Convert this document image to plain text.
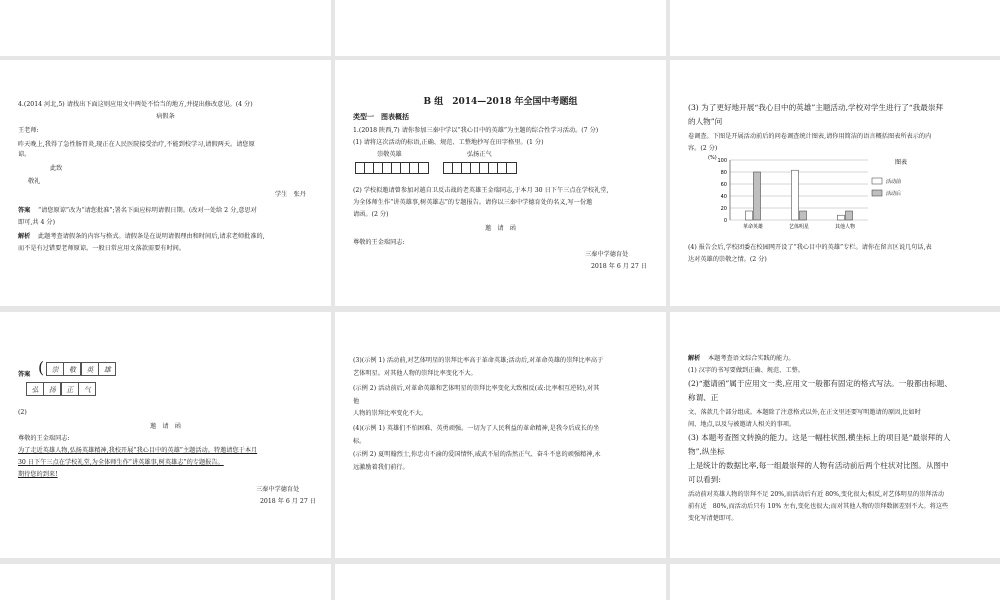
4.(2014 河北,5) 请找出下面这则应用文中两处不恰当的地方,并提出修改意见。(4 分)
病假条
王老师:
昨天晚上,我得了急性肠胃炎,现正在人民医院接受治疗,不能到校学习,请假两天。请您原
谅。
此致
敬礼
学生　张丹
答案 “请您原谅”改为“请您批准”;署名下面应标明请假日期。(改对一处给 2 分,意思对
即可,共 4 分)
解析 此题考查请假条的内容与格式。请假条是在说明请假理由和时间后,请求老师批准的,
而不是有过错要老师原谅。一般日常应用文落款需要有时间。
B 组　2014—2018 年全国中考题组
类型一　图表概括
1.(2018 陕西,7) 请你参加三秦中学以“我心目中的英雄”为主题的综合性学习活动。(7 分)
(1) 请将这次活动的标语,正确、规范、工整地抄写在田字格里。(1 分)
崇敬英雄	弘扬正气
(2) 学校拟邀请曾参加对越自卫反击战的老英雄王金瑞同志,于本月 30 日下午三点在学校礼堂,
为全体师生作“讲英雄事,树英雄志”的专题报告。请你以三秦中学德育处的名义,写一份邀
请函。(2 分)
邀　请　函
尊敬的王金瑞同志:
三秦中学德育处
2018 年 6 月 27 日
(3) 为了更好地开展“我心目中的英雄”主题活动,学校对学生进行了“我最崇拜
的人物”问
卷调查。下图是开展活动前后的问卷调查统计图表,请你用简洁的语言概括图表所表示的内
容。(2 分)
(%)
图表
0
20
40
60
80
100
革命英雄	艺体明星	其他人物
活动前
活动后
(4) 报告会后,学校团委在校园网开设了“我心目中的英雄”专栏。请你在留言区说几句话,表
达对英雄的崇敬之情。(2 分)
答案 (	崇	敬	英	雄
弘	扬	正	气
(2)
邀　请　函
尊敬的王金瑞同志:
为了走近英雄人物,弘扬英雄精神,我校开展“我心目中的英雄”主题活动。特邀请您于本月
30 日下午三点在学校礼堂,为全体师生作“讲英雄事,树英雄志”的专题报告。
期待您的到来!
三秦中学德育处
2018 年 6 月 27 日
(3)(示例 1) 活动前,对艺体明星的崇拜比率高于革命英雄;活动后,对革命英雄的崇拜比率高于
艺体明星。对其他人物的崇拜比率变化不大。
(示例 2) 活动前后,对革命英雄和艺体明星的崇拜比率变化大致相反(或:比率相互逆转),对其
他
人物的崇拜比率变化不大。
(4)(示例 1) 英雄们不怕困难、英勇顽强。一切为了人民利益的革命精神,是我今后成长的坐
标。
(示例 2) 夏明翰烈士,你忠贞不渝的爱国情怀,威武不屈的浩然正气、奋斗不息的顽强精神,永
远激励着我们前行。
解析 本题考查语文综合实践的能力。
(1) 汉字的书写要做到正确、规范、工整。
(2)“邀请函”属于应用文一类,应用文一般都有固定的格式写法。一般都由标题、
称谓、正
文、落款几个部分组成。本题除了注意格式以外,在正文里还要写明邀请的原因,比如时
间、地点,以及与被邀请人相关的事项。
(3) 本题考查图文转换的能力。这是一幅柱状图,横坐标上的项目是“最崇拜的人
物”,纵坐标
上是统计的数据比率,每一组最崇拜的人物有活动前后两个柱状对比图。从图中
可以看到:
活动前对英雄人物的崇拜不足 20%,而活动后有近 80%,变化很大;相反,对艺体明星的崇拜活动
前有近　80%,而活动后只有 10% 左右,变化也很大;而对其他人物的崇拜数据差别不大。将这些
变化写清楚即可。
